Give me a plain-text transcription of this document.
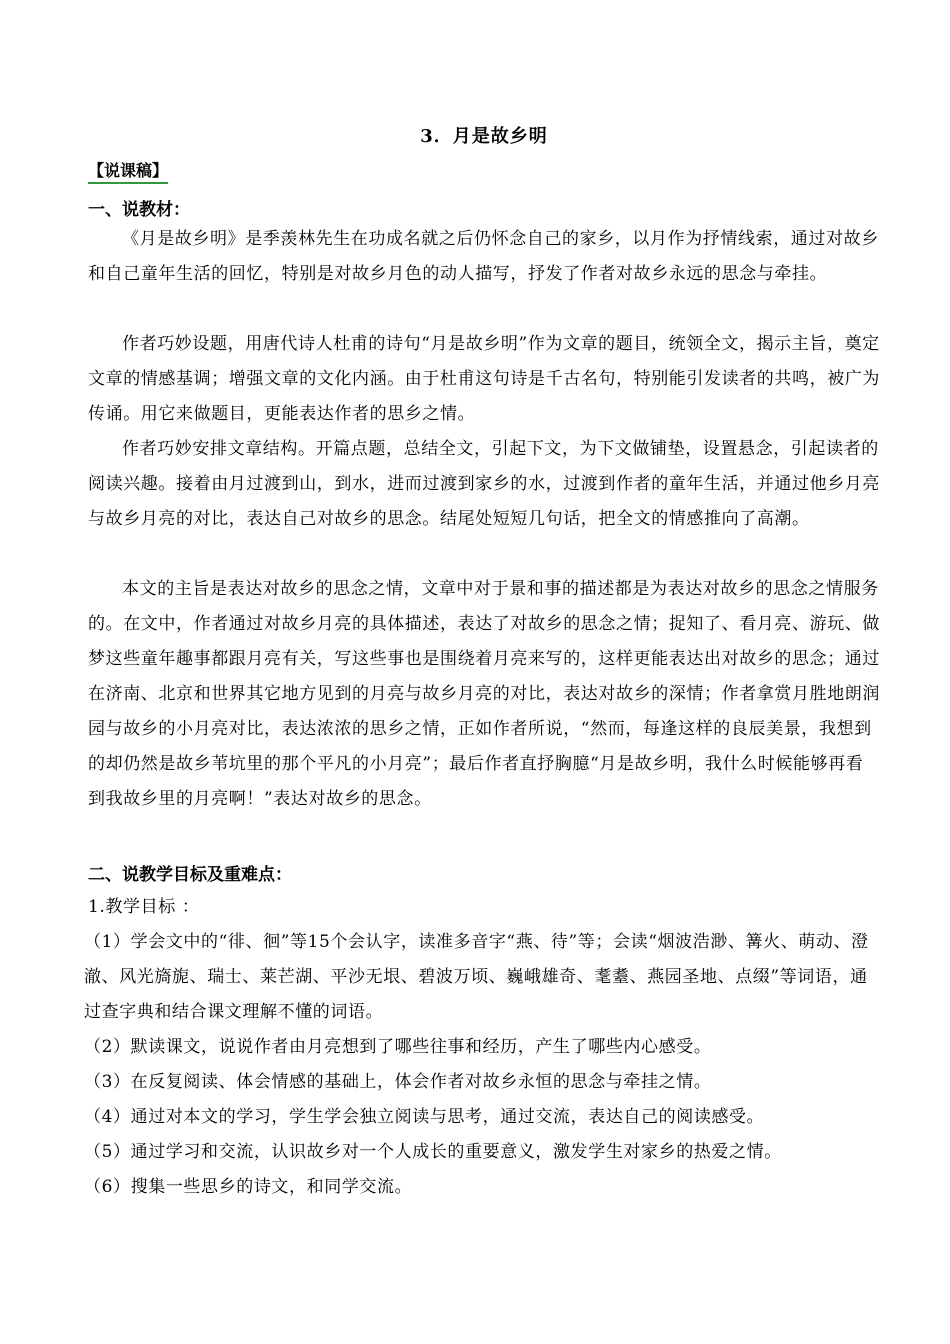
3．月是故乡明
【说课稿】
一、说教材：
《月是故乡明》是季羡林先生在功成名就之后仍怀念自己的家乡，以月作为抒情线索，通过对故乡和自己童年生活的回忆，特别是对故乡月色的动人描写，抒发了作者对故乡永远的思念与牵挂。
作者巧妙设题，用唐代诗人杜甫的诗句“月是故乡明”作为文章的题目，统领全文，揭示主旨，奠定文章的情感基调；增强文章的文化内涵。由于杜甫这句诗是千古名句，特别能引发读者的共鸣，被广为传诵。用它来做题目，更能表达作者的思乡之情。
作者巧妙安排文章结构。开篇点题，总结全文，引起下文，为下文做铺垫，设置悬念，引起读者的阅读兴趣。接着由月过渡到山，到水，进而过渡到家乡的水，过渡到作者的童年生活，并通过他乡月亮与故乡月亮的对比，表达自己对故乡的思念。结尾处短短几句话，把全文的情感推向了高潮。
本文的主旨是表达对故乡的思念之情，文章中对于景和事的描述都是为表达对故乡的思念之情服务的。在文中，作者通过对故乡月亮的具体描述，表达了对故乡的思念之情；捉知了、看月亮、游玩、做梦这些童年趣事都跟月亮有关，写这些事也是围绕着月亮来写的，这样更能表达出对故乡的思念；通过在济南、北京和世界其它地方见到的月亮与故乡月亮的对比，表达对故乡的深情；作者拿赏月胜地朗润园与故乡的小月亮对比，表达浓浓的思乡之情，正如作者所说，“然而，每逢这样的良辰美景，我想到的却仍然是故乡苇坑里的那个平凡的小月亮”；最后作者直抒胸臆“月是故乡明，我什么时候能够再看到我故乡里的月亮啊！”表达对故乡的思念。
二、说教学目标及重难点：
1.教学目标 ：
（1）学会文中的“徘、徊”等15个会认字，读准多音字“燕、待”等；会读“烟波浩渺、篝火、萌动、澄澈、风光旖旎、瑞士、莱芒湖、平沙无垠、碧波万顷、巍峨雄奇、耄耋、燕园圣地、点缀”等词语，通过查字典和结合课文理解不懂的词语。
（2）默读课文，说说作者由月亮想到了哪些往事和经历，产生了哪些内心感受。
（3）在反复阅读、体会情感的基础上，体会作者对故乡永恒的思念与牵挂之情。
（4）通过对本文的学习，学生学会独立阅读与思考，通过交流，表达自己的阅读感受。
（5）通过学习和交流，认识故乡对一个人成长的重要意义，激发学生对家乡的热爱之情。
（6）搜集一些思乡的诗文，和同学交流。
